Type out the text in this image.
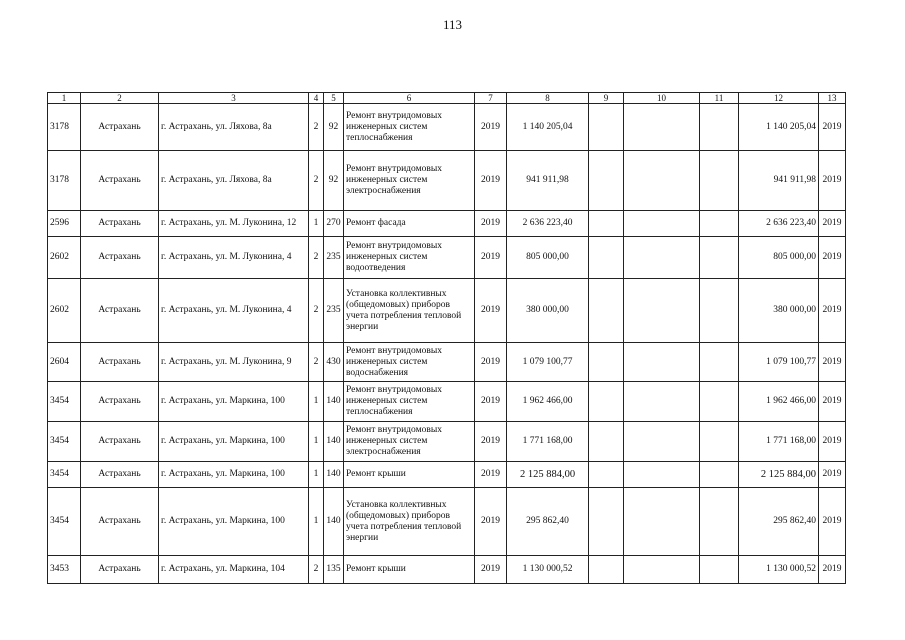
113
1	2	3	4	5	6	7	8	9	10	11	12	13
3178	Астрахань	г. Астрахань, ул. Ляхова, 8а	2	92	Ремонт внутридомовых инженерных систем теплоснабжения	2019	1 140 205,04				1 140 205,04	2019
3178	Астрахань	г. Астрахань, ул. Ляхова, 8а	2	92	Ремонт внутридомовых инженерных систем электроснабжения	2019	941 911,98				941 911,98	2019
2596	Астрахань	г. Астрахань, ул. М. Луконина, 12	1	270	Ремонт фасада	2019	2 636 223,40				2 636 223,40	2019
2602	Астрахань	г. Астрахань, ул. М. Луконина, 4	2	235	Ремонт внутридомовых инженерных систем водоотведения	2019	805 000,00				805 000,00	2019
2602	Астрахань	г. Астрахань, ул. М. Луконина, 4	2	235	Установка коллективных (общедомовых) приборов учета потребления тепловой энергии	2019	380 000,00				380 000,00	2019
2604	Астрахань	г. Астрахань, ул. М. Луконина, 9	2	430	Ремонт внутридомовых инженерных систем водоснабжения	2019	1 079 100,77				1 079 100,77	2019
3454	Астрахань	г. Астрахань, ул. Маркина, 100	1	140	Ремонт внутридомовых инженерных систем теплоснабжения	2019	1 962 466,00				1 962 466,00	2019
3454	Астрахань	г. Астрахань, ул. Маркина, 100	1	140	Ремонт внутридомовых инженерных систем электроснабжения	2019	1 771 168,00				1 771 168,00	2019
3454	Астрахань	г. Астрахань, ул. Маркина, 100	1	140	Ремонт крыши	2019	2 125 884,00				2 125 884,00	2019
3454	Астрахань	г. Астрахань, ул. Маркина, 100	1	140	Установка коллективных (общедомовых) приборов учета потребления тепловой энергии	2019	295 862,40				295 862,40	2019
3453	Астрахань	г. Астрахань, ул. Маркина, 104	2	135	Ремонт крыши	2019	1 130 000,52				1 130 000,52	2019
